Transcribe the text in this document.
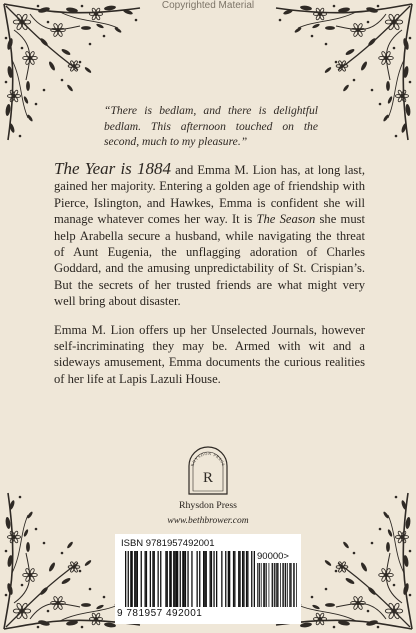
Copyrighted Material
“There is bedlam, and there is delightful bedlam. This afternoon touched on the second, much to my pleasure.”

The Year is 1884 and Emma M. Lion has, at long last, gained her majority. Entering a golden age of friendship with Pierce, Islington, and Hawkes, Emma is confident she will manage whatever comes her way. It is The Season she must help Arabella secure a husband, while navigating the threat of Aunt Eugenia, the unflagging adoration of Charles Goddard, and the amusing unpredictability of St. Crispian’s. But the secrets of her trusted friends are what might very well bring about disaster.

Emma M. Lion offers up her Unselected Journals, however self-incriminating they may be. Armed with wit and a sideways amusement, Emma documents the curious realities of her life at Lapis Lazuli House.

RHYSDON PRESS
R
Rhysdon Press
www.bethbrower.com
ISBN 9781957492001
90000>
9 781957 492001
